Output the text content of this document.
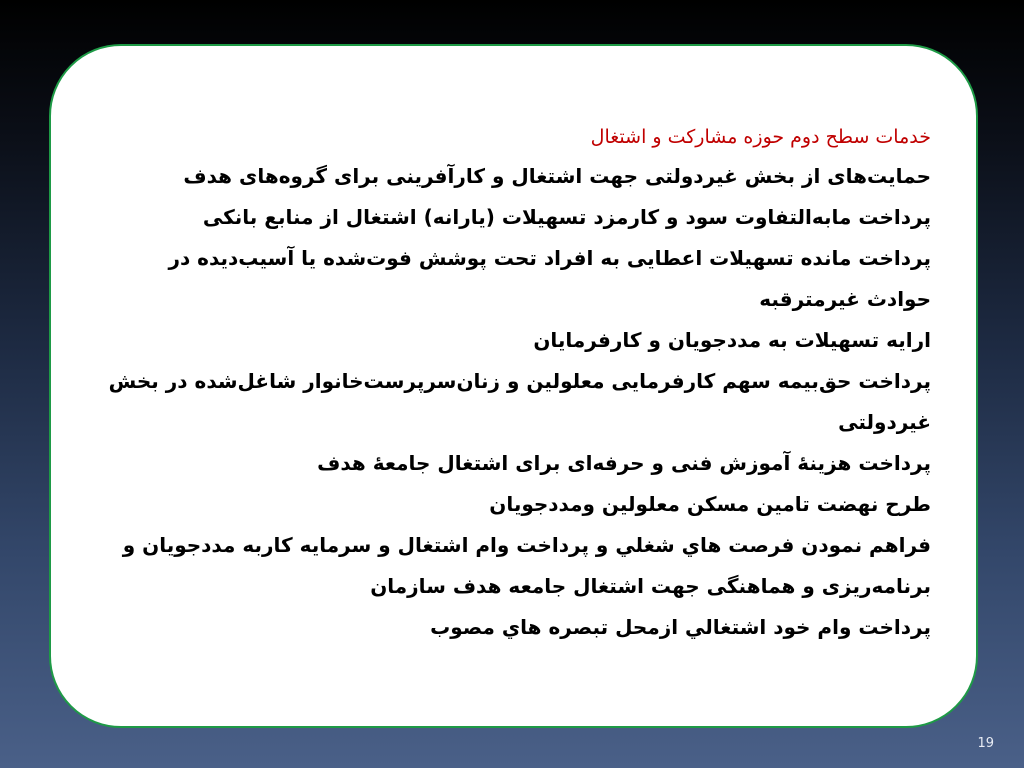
خدمات سطح دوم حوزه مشارکت و اشتغال
حمایت‌های از بخش غیردولتی جهت اشتغال و کارآفرینی برای گروه‌های هدف
پرداخت مابه‌التفاوت سود و کارمزد تسهیلات (یارانه) اشتغال از منابع بانکی
پرداخت مانده تسهیلات اعطایی به افراد تحت پوشش فوت‌شده یا آسیب‌دیده در
حوادث غیرمترقبه
ارایه تسهیلات به مددجویان و کارفرمایان
پرداخت حق‌بیمه سهم کارفرمایی معلولین و زنان‌سرپرست‌خانوار شاغل‌شده در بخش
غیردولتی
پرداخت هزینهٔ آموزش فنی و حرفه‌ای برای اشتغال جامعهٔ هدف
طرح نهضت تامین مسکن معلولین ومددجویان
فراهم نمودن فرصت هاي شغلي و پرداخت وام اشتغال و سرمايه کاربه مددجويان و
برنامه‌ریزی و هماهنگی جهت اشتغال جامعه هدف سازمان
پرداخت وام خود اشتغالي ازمحل تبصره هاي مصوب
19
